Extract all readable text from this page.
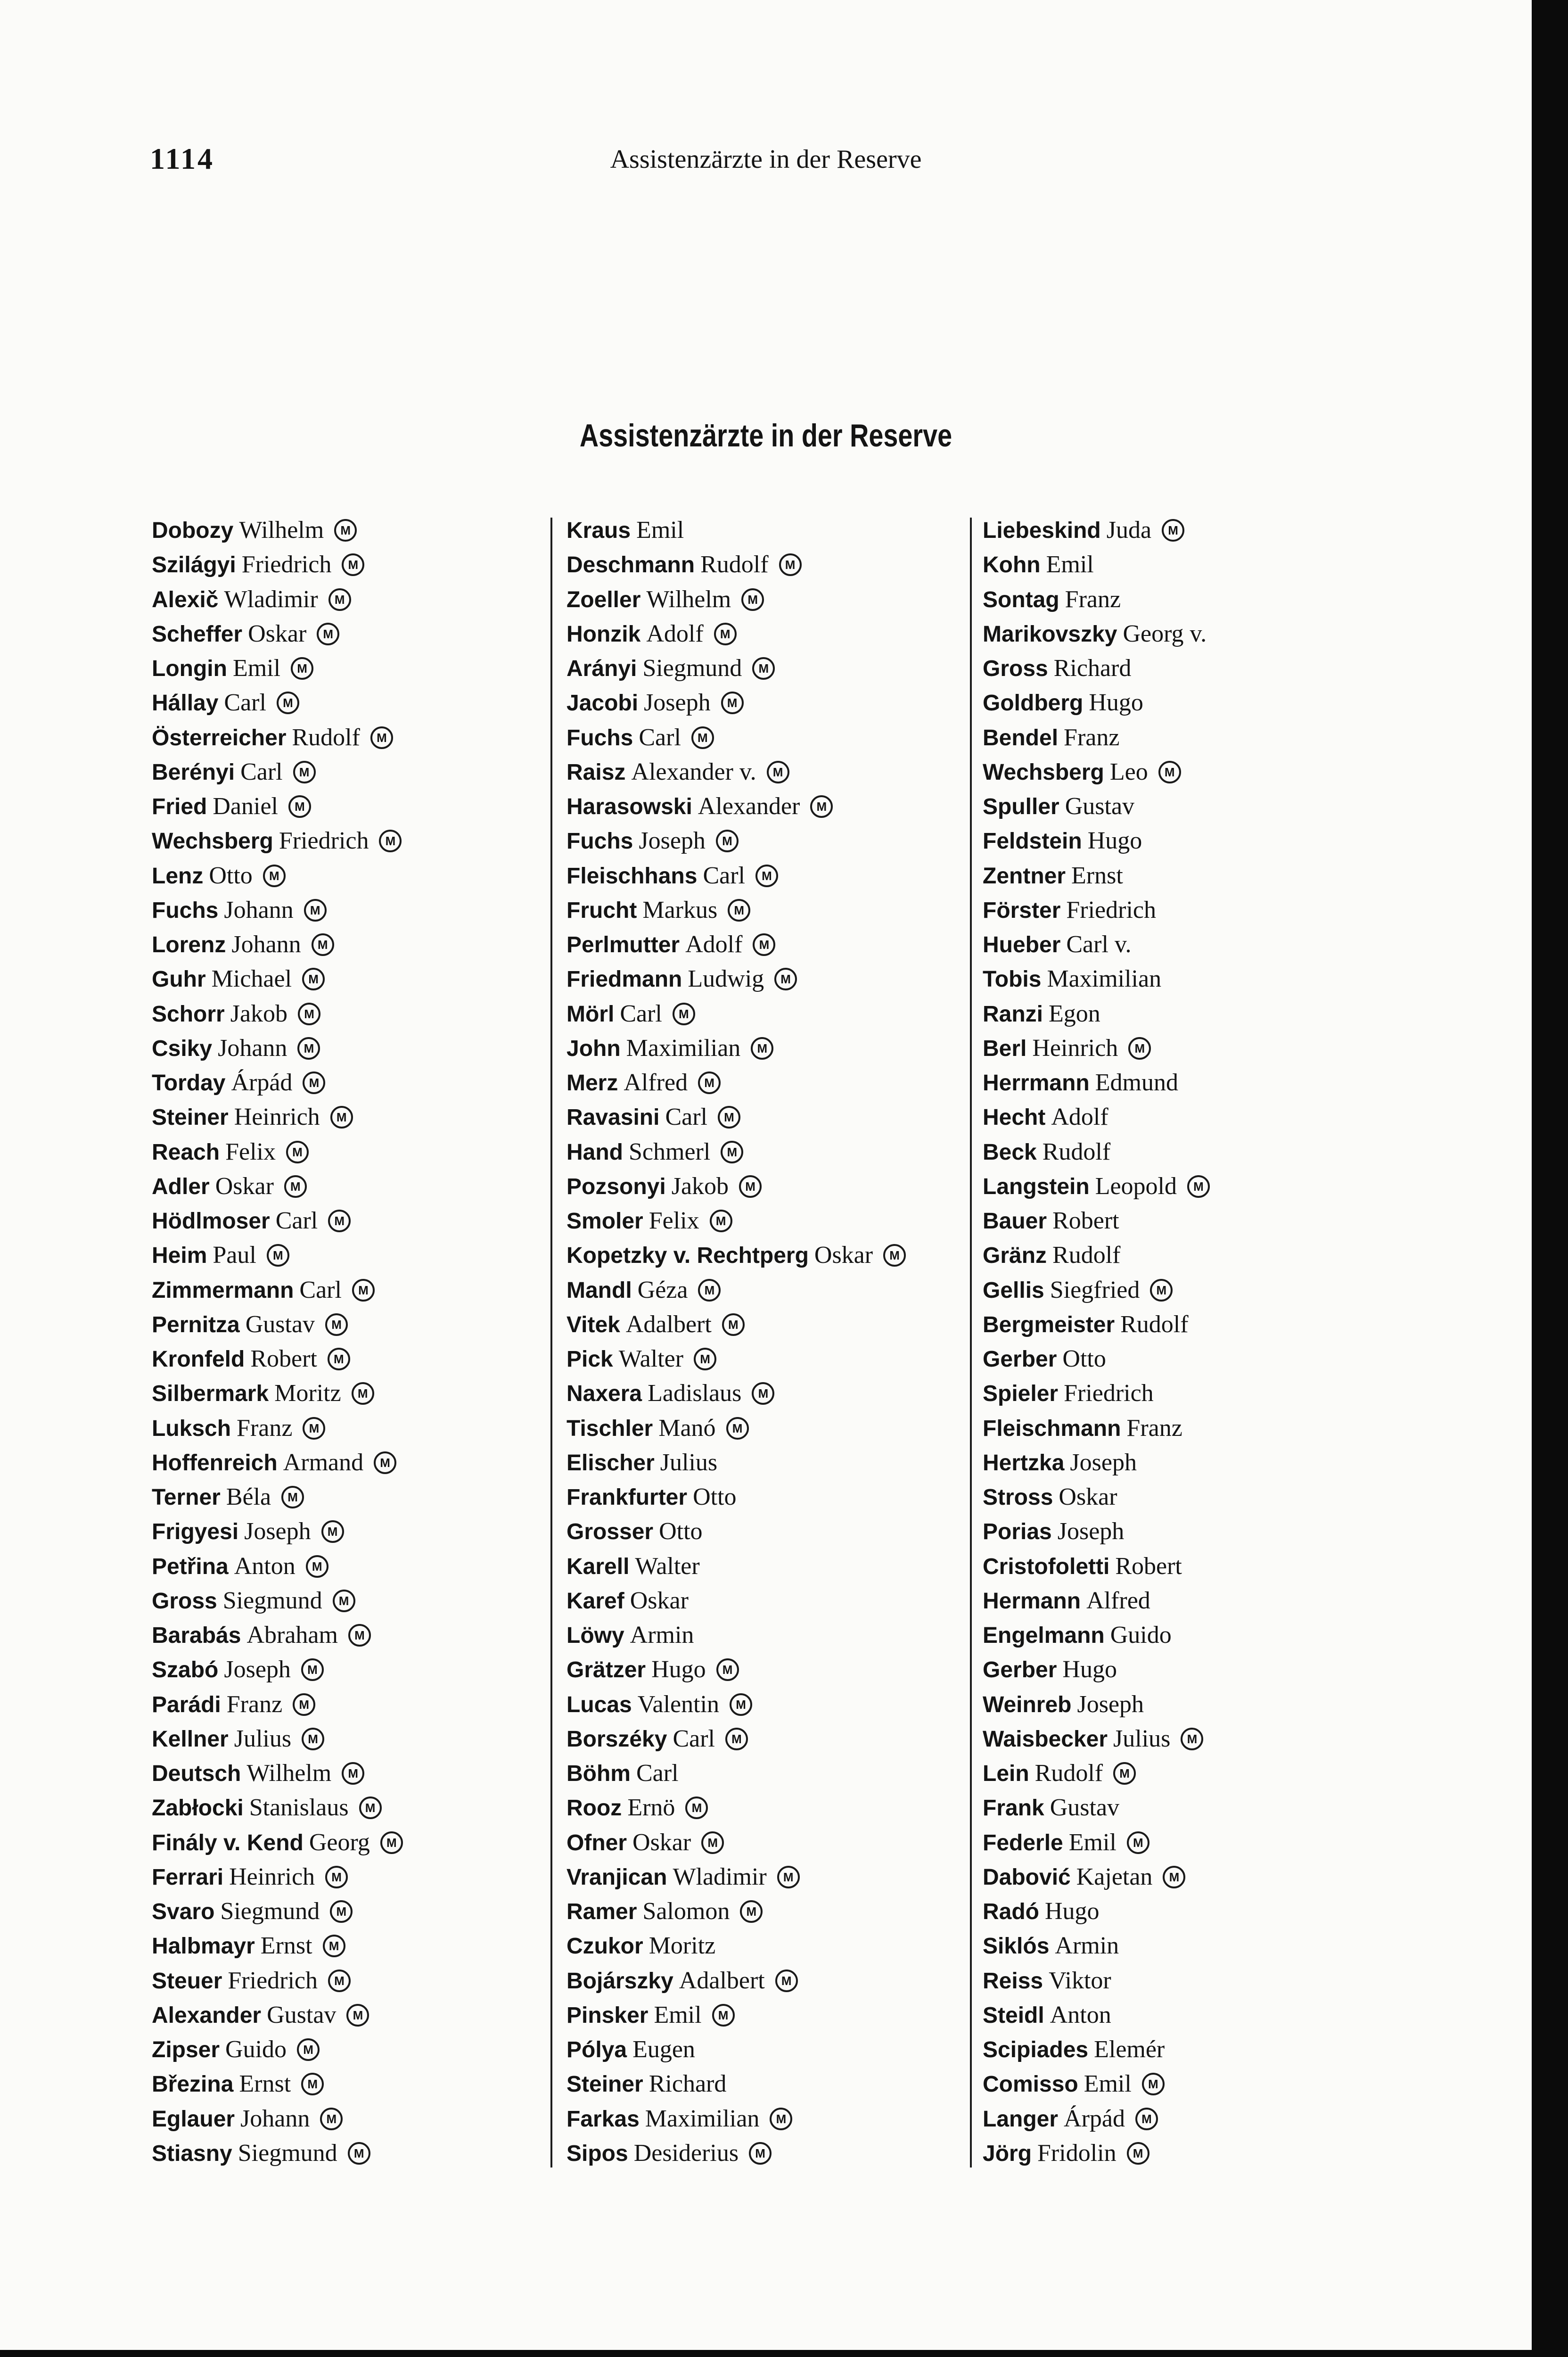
1114	Assistenzärzte in der Reserve
Assistenzärzte in der Reserve
Dobozy Wilhelm M
Szilágyi Friedrich M
Alexič Wladimir M
Scheffer Oskar M
Longin Emil M
Hállay Carl M
Österreicher Rudolf M
Berényi Carl M
Fried Daniel M
Wechsberg Friedrich M
Lenz Otto M
Fuchs Johann M
Lorenz Johann M
Guhr Michael M
Schorr Jakob M
Csiky Johann M
Torday Árpád M
Steiner Heinrich M
Reach Felix M
Adler Oskar M
Hödlmoser Carl M
Heim Paul M
Zimmermann Carl M
Pernitza Gustav M
Kronfeld Robert M
Silbermark Moritz M
Luksch Franz M
Hoffenreich Armand M
Terner Béla M
Frigyesi Joseph M
Petřina Anton M
Gross Siegmund M
Barabás Abraham M
Szabó Joseph M
Parádi Franz M
Kellner Julius M
Deutsch Wilhelm M
Zabłocki Stanislaus M
Finály v. Kend Georg M
Ferrari Heinrich M
Svaro Siegmund M
Halbmayr Ernst M
Steuer Friedrich M
Alexander Gustav M
Zipser Guido M
Březina Ernst M
Eglauer Johann M
Stiasny Siegmund M
Kraus Emil
Deschmann Rudolf M
Zoeller Wilhelm M
Honzik Adolf M
Arányi Siegmund M
Jacobi Joseph M
Fuchs Carl M
Raisz Alexander v. M
Harasowski Alexander M
Fuchs Joseph M
Fleischhans Carl M
Frucht Markus M
Perlmutter Adolf M
Friedmann Ludwig M
Mörl Carl M
John Maximilian M
Merz Alfred M
Ravasini Carl M
Hand Schmerl M
Pozsonyi Jakob M
Smoler Felix M
Kopetzky v. Rechtperg Oskar M
Mandl Géza M
Vitek Adalbert M
Pick Walter M
Naxera Ladislaus M
Tischler Manó M
Elischer Julius
Frankfurter Otto
Grosser Otto
Karell Walter
Karef Oskar
Löwy Armin
Grätzer Hugo M
Lucas Valentin M
Borszéky Carl M
Böhm Carl
Rooz Ernö M
Ofner Oskar M
Vranjican Wladimir M
Ramer Salomon M
Czukor Moritz
Bojárszky Adalbert M
Pinsker Emil M
Pólya Eugen
Steiner Richard
Farkas Maximilian M
Sipos Desiderius M
Liebeskind Juda M
Kohn Emil
Sontag Franz
Marikovszky Georg v.
Gross Richard
Goldberg Hugo
Bendel Franz
Wechsberg Leo M
Spuller Gustav
Feldstein Hugo
Zentner Ernst
Förster Friedrich
Hueber Carl v.
Tobis Maximilian
Ranzi Egon
Berl Heinrich M
Herrmann Edmund
Hecht Adolf
Beck Rudolf
Langstein Leopold M
Bauer Robert
Gränz Rudolf
Gellis Siegfried M
Bergmeister Rudolf
Gerber Otto
Spieler Friedrich
Fleischmann Franz
Hertzka Joseph
Stross Oskar
Porias Joseph
Cristofoletti Robert
Hermann Alfred
Engelmann Guido
Gerber Hugo
Weinreb Joseph
Waisbecker Julius M
Lein Rudolf M
Frank Gustav
Federle Emil M
Dabović Kajetan M
Radó Hugo
Siklós Armin
Reiss Viktor
Steidl Anton
Scipiades Elemér
Comisso Emil M
Langer Árpád M
Jörg Fridolin M
